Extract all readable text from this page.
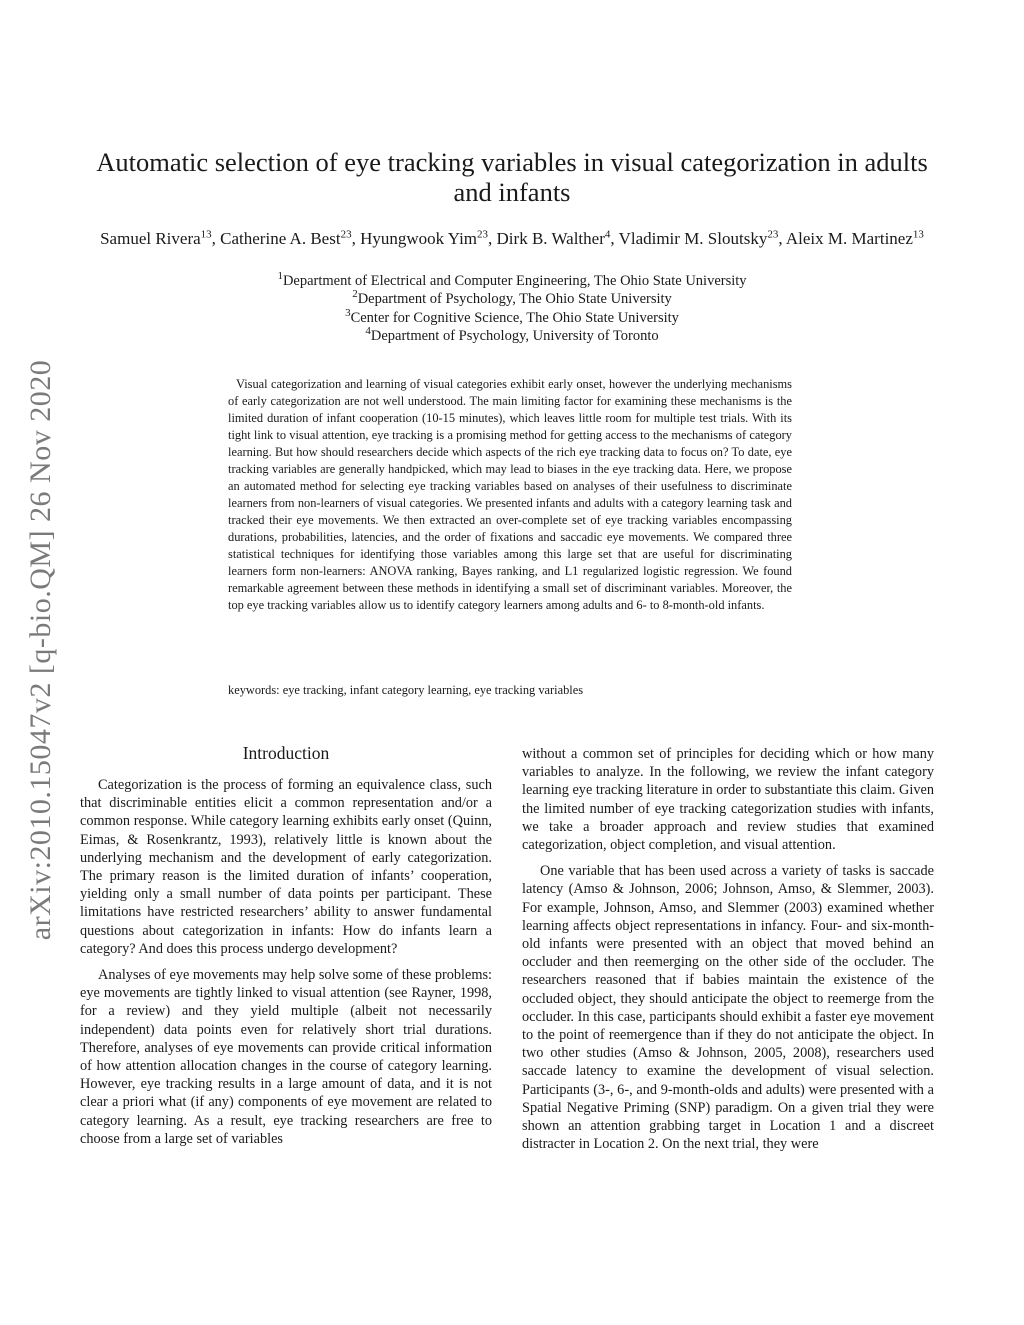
arXiv:2010.15047v2 [q-bio.QM] 26 Nov 2020
Automatic selection of eye tracking variables in visual categorization in adults and infants
Samuel Rivera$^{13}$, Catherine A. Best$^{23}$, Hyungwook Yim$^{23}$, Dirk B. Walther$^4$, Vladimir M. Sloutsky$^{23}$, Aleix M. Martinez$^{13}$
$^1$Department of Electrical and Computer Engineering, The Ohio State University
$^2$Department of Psychology, The Ohio State University
$^3$Center for Cognitive Science, The Ohio State University
$^4$Department of Psychology, University of Toronto

Visual categorization and learning of visual categories exhibit early onset, however the underlying mechanisms of early categorization are not well understood. The main limiting factor for examining these mechanisms is the limited duration of infant cooperation (10-15 minutes), which leaves little room for multiple test trials. With its tight link to visual attention, eye tracking is a promising method for getting access to the mechanisms of category learning. But how should researchers decide which aspects of the rich eye tracking data to focus on? To date, eye tracking variables are generally handpicked, which may lead to biases in the eye tracking data. Here, we propose an automated method for selecting eye tracking variables based on analyses of their usefulness to discriminate learners from non-learners of visual categories. We presented infants and adults with a category learning task and tracked their eye movements. We then extracted an over-complete set of eye tracking variables encompassing durations, probabilities, latencies, and the order of fixations and saccadic eye movements. We compared three statistical techniques for identifying those variables among this large set that are useful for discriminating learners form non-learners: ANOVA ranking, Bayes ranking, and L1 regularized logistic regression. We found remarkable agreement between these methods in identifying a small set of discriminant variables. Moreover, the top eye tracking variables allow us to identify category learners among adults and 6- to 8-month-old infants.

keywords: eye tracking, infant category learning, eye tracking variables
Introduction

Categorization is the process of forming an equivalence class, such that discriminable entities elicit a common representation and/or a common response. While category learning exhibits early onset (Quinn, Eimas, & Rosenkrantz, 1993), relatively little is known about the underlying mechanism and the development of early categorization. The primary reason is the limited duration of infants’ cooperation, yielding only a small number of data points per participant. These limitations have restricted researchers’ ability to answer fundamental questions about categorization in infants: How do infants learn a category? And does this process undergo development?

Analyses of eye movements may help solve some of these problems: eye movements are tightly linked to visual attention (see Rayner, 1998, for a review) and they yield multiple (albeit not necessarily independent) data points even for relatively short trial durations. Therefore, analyses of eye movements can provide critical information of how attention allocation changes in the course of category learning. However, eye tracking results in a large amount of data, and it is not clear a priori what (if any) components of eye movement are related to category learning. As a result, eye tracking researchers are free to choose from a large set of variables

without a common set of principles for deciding which or how many variables to analyze. In the following, we review the infant category learning eye tracking literature in order to substantiate this claim. Given the limited number of eye tracking categorization studies with infants, we take a broader approach and review studies that examined categorization, object completion, and visual attention.

One variable that has been used across a variety of tasks is saccade latency (Amso & Johnson, 2006; Johnson, Amso, & Slemmer, 2003). For example, Johnson, Amso, and Slemmer (2003) examined whether learning affects object representations in infancy. Four- and six-month-old infants were presented with an object that moved behind an occluder and then reemerging on the other side of the occluder. The researchers reasoned that if babies maintain the existence of the occluded object, they should anticipate the object to reemerge from the occluder. In this case, participants should exhibit a faster eye movement to the point of reemergence than if they do not anticipate the object. In two other studies (Amso & Johnson, 2005, 2008), researchers used saccade latency to examine the development of visual selection. Participants (3-, 6-, and 9-month-olds and adults) were presented with a Spatial Negative Priming (SNP) paradigm. On a given trial they were shown an attention grabbing target in Location 1 and a discreet distracter in Location 2. On the next trial, they were
